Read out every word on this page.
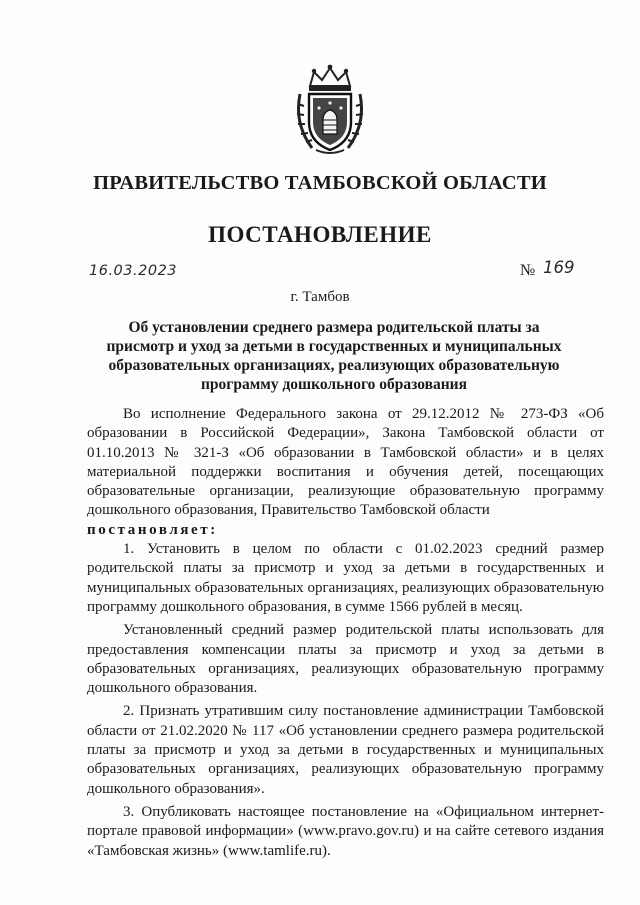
ПРАВИТЕЛЬСТВО ТАМБОВСКОЙ ОБЛАСТИ
ПОСТАНОВЛЕНИЕ
16.03.2023	№ 169
г. Тамбов
Об установлении среднего размера родительской платы за присмотр и уход за детьми в государственных и муниципальных образовательных организациях, реализующих образовательную программу дошкольного образования

Во исполнение Федерального закона от 29.12.2012 № 273-ФЗ «Об образовании в Российской Федерации», Закона Тамбовской области от 01.10.2013 № 321-З «Об образовании в Тамбовской области» и в целях материальной поддержки воспитания и обучения детей, посещающих образовательные организации, реализующие образовательную программу дошкольного образования, Правительство Тамбовской области

постановляет:

1. Установить в целом по области с 01.02.2023 средний размер родительской платы за присмотр и уход за детьми в государственных и муниципальных образовательных организациях, реализующих образовательную программу дошкольного образования, в сумме 1566 рублей в месяц.

Установленный средний размер родительской платы использовать для предоставления компенсации платы за присмотр и уход за детьми в образовательных организациях, реализующих образовательную программу дошкольного образования.

2. Признать утратившим силу постановление администрации Тамбовской области от 21.02.2020 № 117 «Об установлении среднего размера родительской платы за присмотр и уход за детьми в государственных и муниципальных образовательных организациях, реализующих образовательную программу дошкольного образования».

3. Опубликовать настоящее постановление на «Официальном интернет-портале правовой информации» (www.pravo.gov.ru) и на сайте сетевого издания «Тамбовская жизнь» (www.tamlife.ru).
